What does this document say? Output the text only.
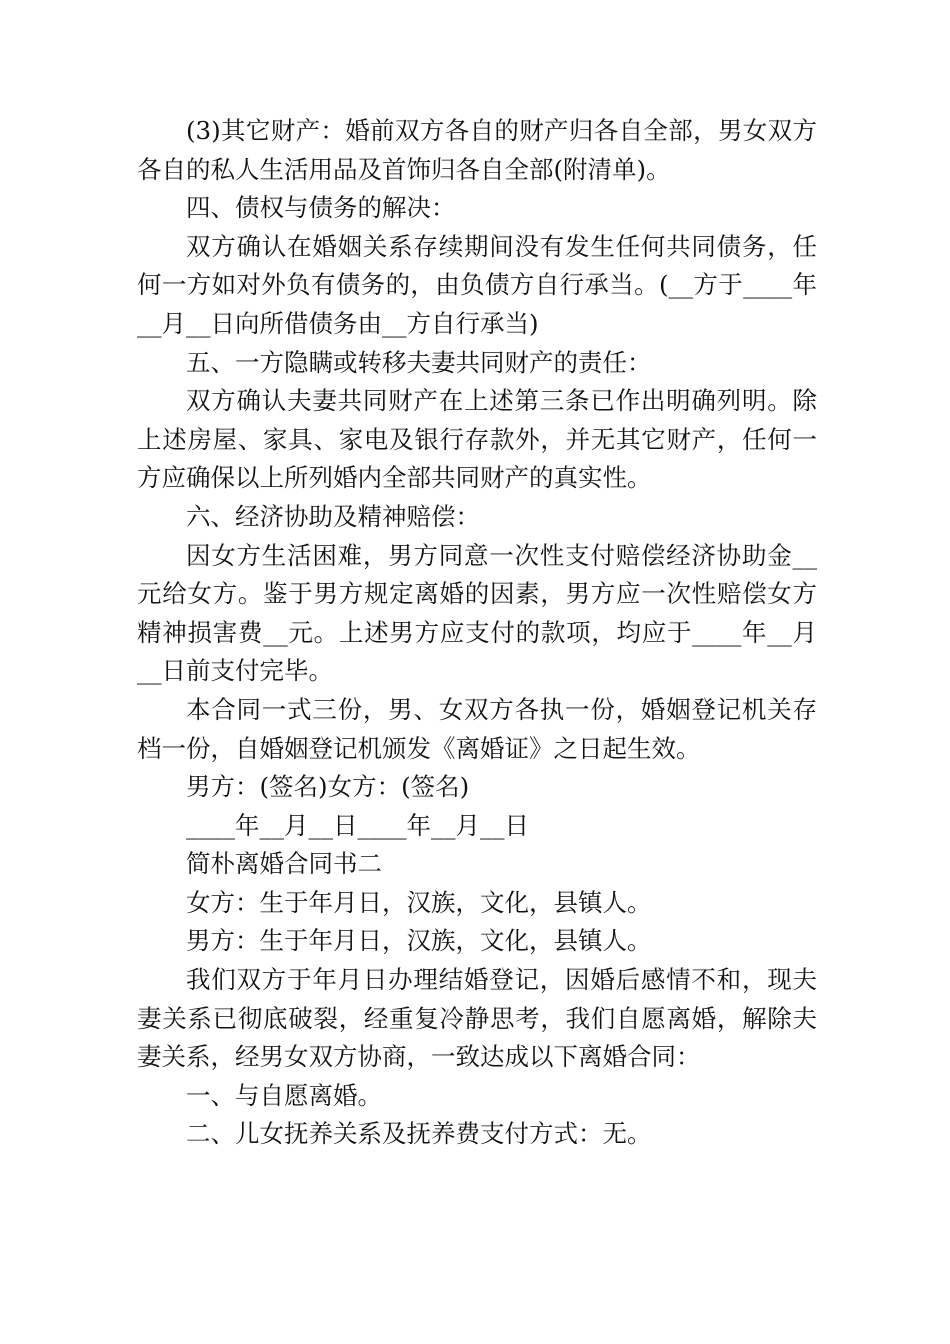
(3)其它财产：婚前双方各自的财产归各自全部，男女双方各自的私人生活用品及首饰归各自全部(附清单)。

四、债权与债务的解决：

双方确认在婚姻关系存续期间没有发生任何共同债务，任何一方如对外负有债务的，由负债方自行承当。(__方于____年__月__日向所借债务由__方自行承当)

五、一方隐瞒或转移夫妻共同财产的责任：

双方确认夫妻共同财产在上述第三条已作出明确列明。除上述房屋、家具、家电及银行存款外，并无其它财产，任何一方应确保以上所列婚内全部共同财产的真实性。

六、经济协助及精神赔偿：

因女方生活困难，男方同意一次性支付赔偿经济协助金__元给女方。鉴于男方规定离婚的因素，男方应一次性赔偿女方精神损害费__元。上述男方应支付的款项，均应于____年__月__日前支付完毕。

本合同一式三份，男、女双方各执一份，婚姻登记机关存档一份，自婚姻登记机颁发《离婚证》之日起生效。

男方：(签名)女方：(签名)

____年__月__日____年__月__日

简朴离婚合同书二

女方：生于年月日，汉族，文化，县镇人。

男方：生于年月日，汉族，文化，县镇人。

我们双方于年月日办理结婚登记，因婚后感情不和，现夫妻关系已彻底破裂，经重复冷静思考，我们自愿离婚，解除夫妻关系，经男女双方协商，一致达成以下离婚合同：

一、与自愿离婚。

二、儿女抚养关系及抚养费支付方式：无。
